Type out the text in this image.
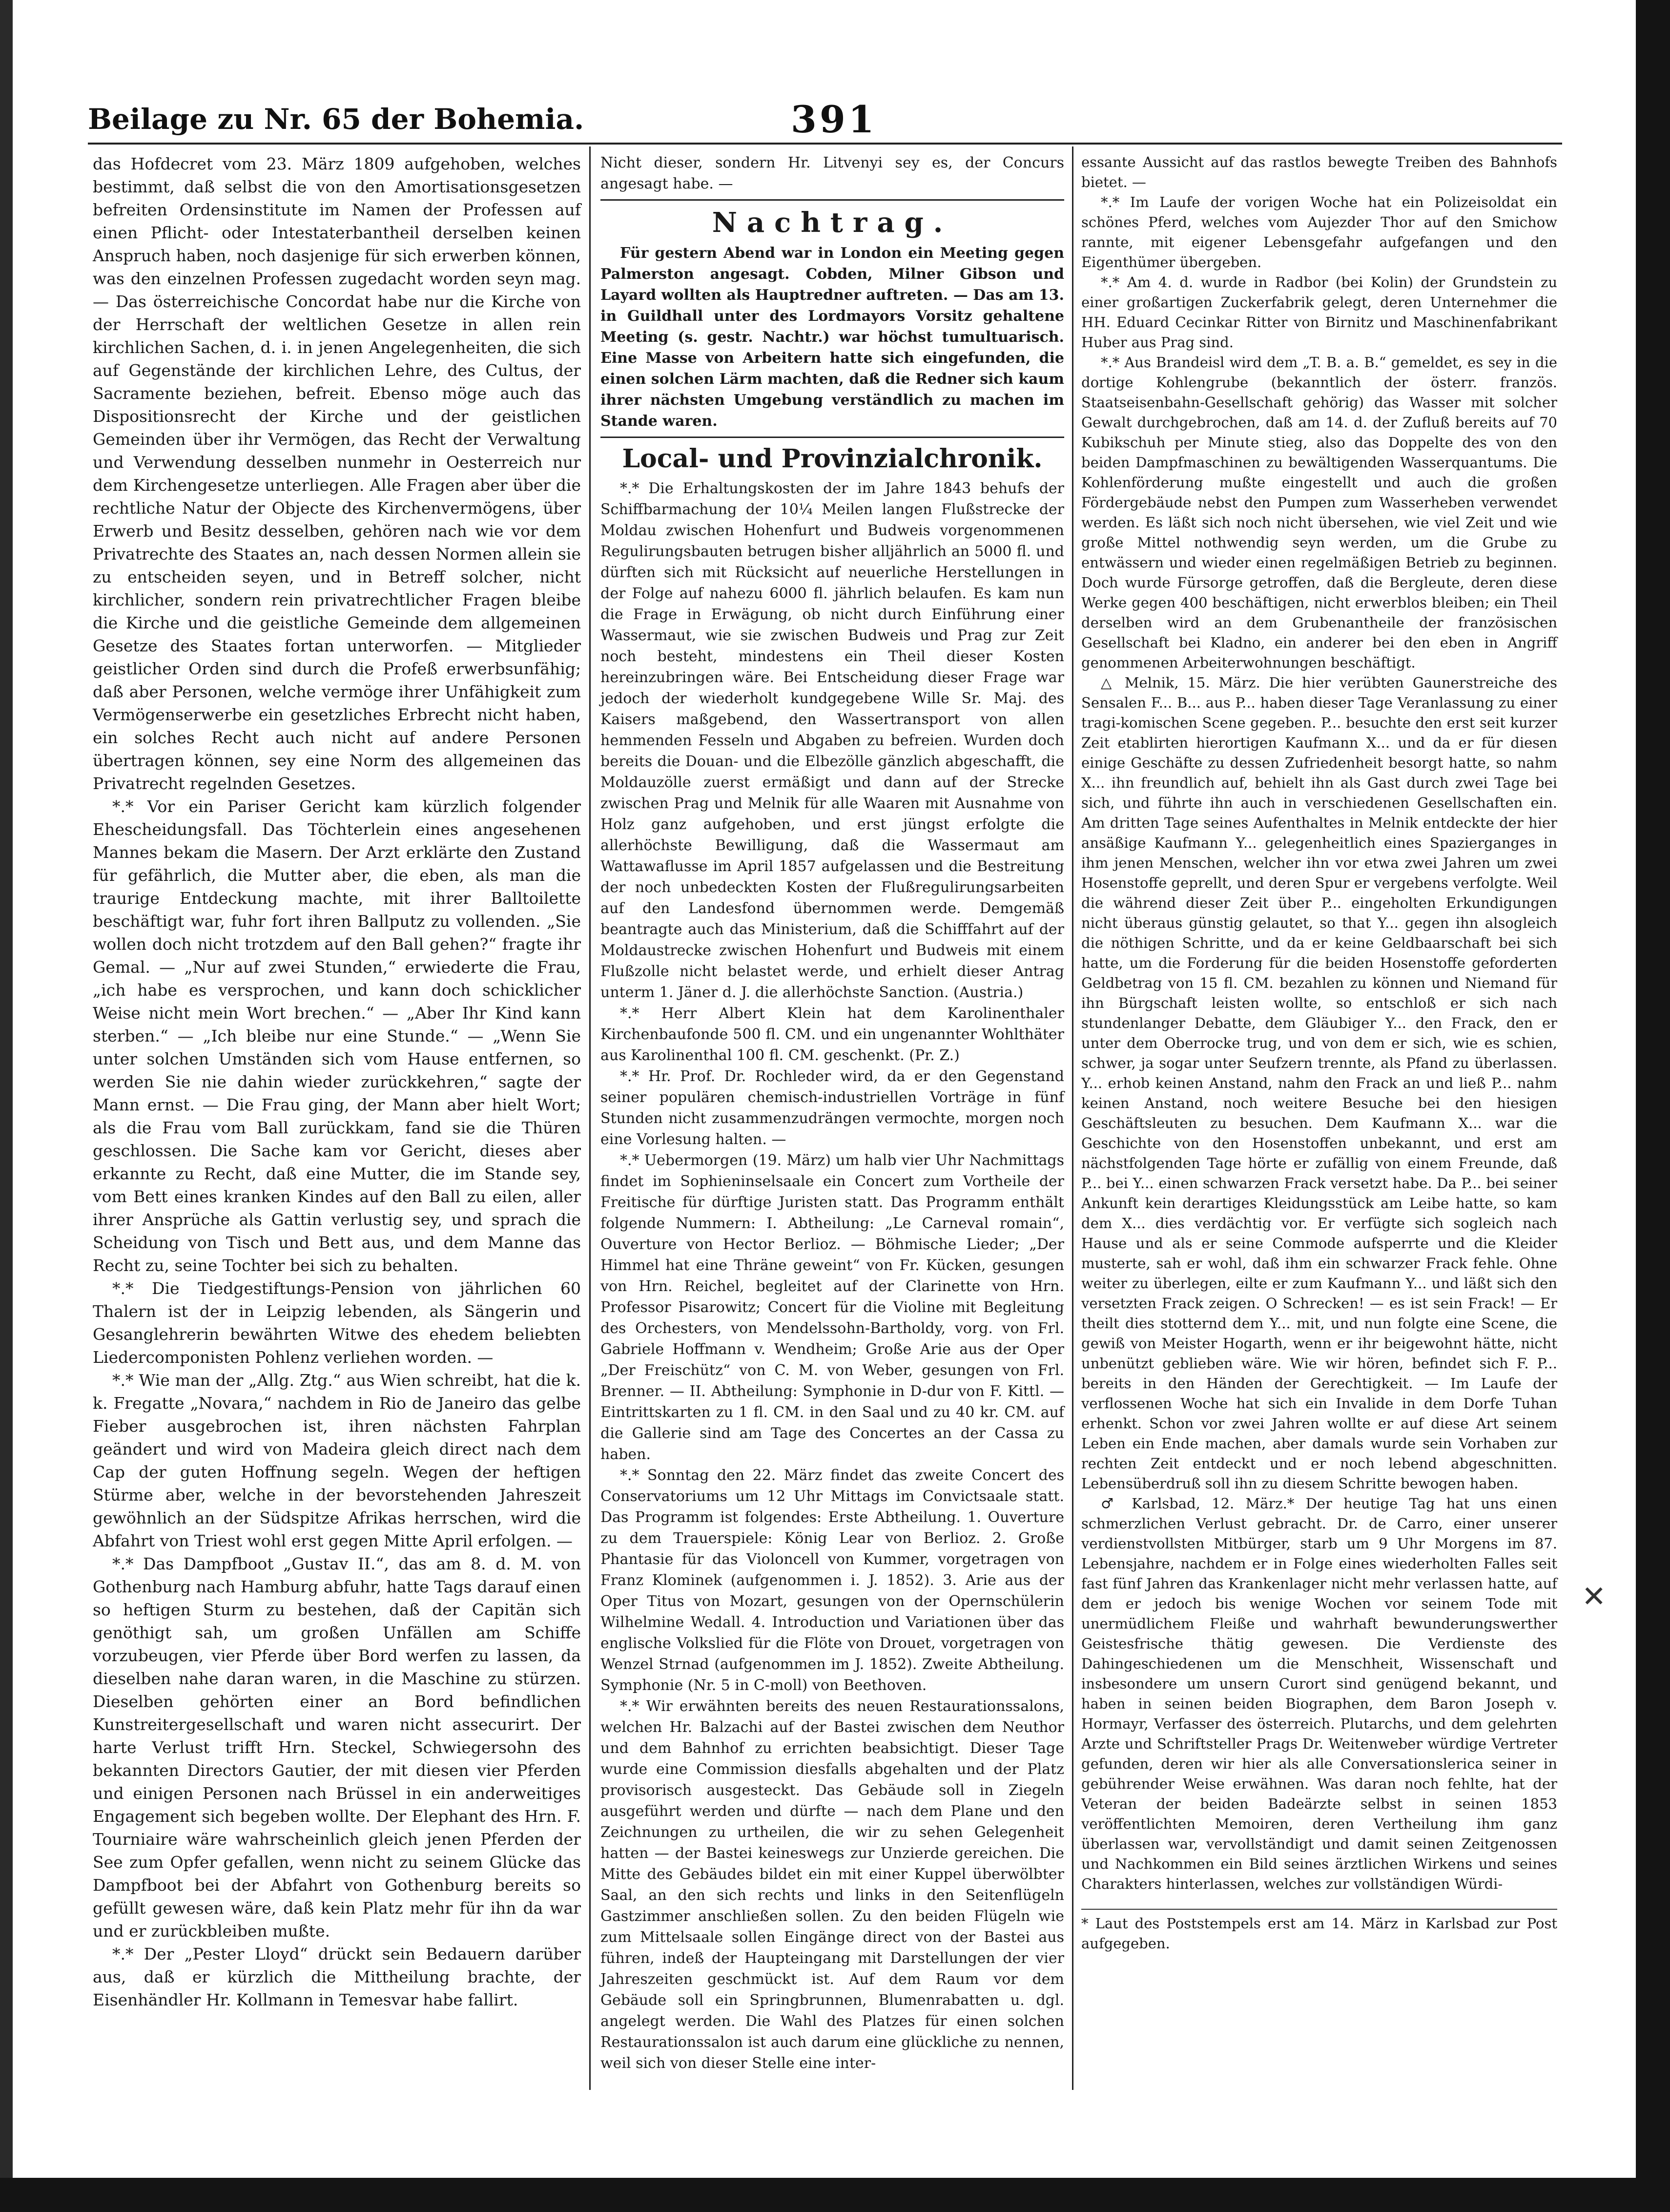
Beilage zu Nr. 65 der Bohemia.	391

das Hofdecret vom 23. März 1809 aufgehoben, welches bestimmt, daß selbst die von den Amortisationsgesetzen befreiten Ordensinstitute im Namen der Professen auf einen Pflicht- oder Intestaterbantheil derselben keinen Anspruch haben, noch dasjenige für sich erwerben können, was den einzelnen Professen zugedacht worden seyn mag. — Das österreichische Concordat habe nur die Kirche von der Herrschaft der weltlichen Gesetze in allen rein kirchlichen Sachen, d. i. in jenen Angelegenheiten, die sich auf Gegenstände der kirchlichen Lehre, des Cultus, der Sacramente beziehen, befreit. Ebenso möge auch das Dispositionsrecht der Kirche und der geistlichen Gemeinden über ihr Vermögen, das Recht der Verwaltung und Verwendung desselben nunmehr in Oesterreich nur dem Kirchengesetze unterliegen. Alle Fragen aber über die rechtliche Natur der Objecte des Kirchenvermögens, über Erwerb und Besitz desselben, gehören nach wie vor dem Privatrechte des Staates an, nach dessen Normen allein sie zu entscheiden seyen, und in Betreff solcher, nicht kirchlicher, sondern rein privatrechtlicher Fragen bleibe die Kirche und die geistliche Gemeinde dem allgemeinen Gesetze des Staates fortan unterworfen. — Mitglieder geistlicher Orden sind durch die Profeß erwerbsunfähig; daß aber Personen, welche vermöge ihrer Unfähigkeit zum Vermögenserwerbe ein gesetzliches Erbrecht nicht haben, ein solches Recht auch nicht auf andere Personen übertragen können, sey eine Norm des allgemeinen das Privatrecht regelnden Gesetzes.

*.* Vor ein Pariser Gericht kam kürzlich folgender Ehescheidungsfall. Das Töchterlein eines angesehenen Mannes bekam die Masern. Der Arzt erklärte den Zustand für gefährlich, die Mutter aber, die eben, als man die traurige Entdeckung machte, mit ihrer Balltoilette beschäftigt war, fuhr fort ihren Ballputz zu vollenden. „Sie wollen doch nicht trotzdem auf den Ball gehen?“ fragte ihr Gemal. — „Nur auf zwei Stunden,“ erwiederte die Frau, „ich habe es versprochen, und kann doch schicklicher Weise nicht mein Wort brechen.“ — „Aber Ihr Kind kann sterben.“ — „Ich bleibe nur eine Stunde.“ — „Wenn Sie unter solchen Umständen sich vom Hause entfernen, so werden Sie nie dahin wieder zurückkehren,“ sagte der Mann ernst. — Die Frau ging, der Mann aber hielt Wort; als die Frau vom Ball zurückkam, fand sie die Thüren geschlossen. Die Sache kam vor Gericht, dieses aber erkannte zu Recht, daß eine Mutter, die im Stande sey, vom Bett eines kranken Kindes auf den Ball zu eilen, aller ihrer Ansprüche als Gattin verlustig sey, und sprach die Scheidung von Tisch und Bett aus, und dem Manne das Recht zu, seine Tochter bei sich zu behalten.

*.* Die Tiedgestiftungs-Pension von jährlichen 60 Thalern ist der in Leipzig lebenden, als Sängerin und Gesanglehrerin bewährten Witwe des ehedem beliebten Liedercomponisten Pohlenz verliehen worden. —

*.* Wie man der „Allg. Ztg.“ aus Wien schreibt, hat die k. k. Fregatte „Novara,“ nachdem in Rio de Janeiro das gelbe Fieber ausgebrochen ist, ihren nächsten Fahrplan geändert und wird von Madeira gleich direct nach dem Cap der guten Hoffnung segeln. Wegen der heftigen Stürme aber, welche in der bevorstehenden Jahreszeit gewöhnlich an der Südspitze Afrikas herrschen, wird die Abfahrt von Triest wohl erst gegen Mitte April erfolgen. —

*.* Das Dampfboot „Gustav II.“, das am 8. d. M. von Gothenburg nach Hamburg abfuhr, hatte Tags darauf einen so heftigen Sturm zu bestehen, daß der Capitän sich genöthigt sah, um großen Unfällen am Schiffe vorzubeugen, vier Pferde über Bord werfen zu lassen, da dieselben nahe daran waren, in die Maschine zu stürzen. Dieselben gehörten einer an Bord befindlichen Kunstreitergesellschaft und waren nicht assecurirt. Der harte Verlust trifft Hrn. Steckel, Schwiegersohn des bekannten Directors Gautier, der mit diesen vier Pferden und einigen Personen nach Brüssel in ein anderweitiges Engagement sich begeben wollte. Der Elephant des Hrn. F. Tourniaire wäre wahrscheinlich gleich jenen Pferden der See zum Opfer gefallen, wenn nicht zu seinem Glücke das Dampfboot bei der Abfahrt von Gothenburg bereits so gefüllt gewesen wäre, daß kein Platz mehr für ihn da war und er zurückbleiben mußte.

*.* Der „Pester Lloyd“ drückt sein Bedauern darüber aus, daß er kürzlich die Mittheilung brachte, der Eisenhändler Hr. Kollmann in Temesvar habe fallirt.

Nicht dieser, sondern Hr. Litvenyi sey es, der Concurs angesagt habe. —

Nachtrag.

Für gestern Abend war in London ein Meeting gegen Palmerston angesagt. Cobden, Milner Gibson und Layard wollten als Hauptredner auftreten. — Das am 13. in Guildhall unter des Lordmayors Vorsitz gehaltene Meeting (s. gestr. Nachtr.) war höchst tumultuarisch. Eine Masse von Arbeitern hatte sich eingefunden, die einen solchen Lärm machten, daß die Redner sich kaum ihrer nächsten Umgebung verständlich zu machen im Stande waren.

Local- und Provinzialchronik.

*.* Die Erhaltungskosten der im Jahre 1843 behufs der Schiffbarmachung der 10¼ Meilen langen Flußstrecke der Moldau zwischen Hohenfurt und Budweis vorgenommenen Regulirungsbauten betrugen bisher alljährlich an 5000 fl. und dürften sich mit Rücksicht auf neuerliche Herstellungen in der Folge auf nahezu 6000 fl. jährlich belaufen. Es kam nun die Frage in Erwägung, ob nicht durch Einführung einer Wassermaut, wie sie zwischen Budweis und Prag zur Zeit noch besteht, mindestens ein Theil dieser Kosten hereinzubringen wäre. Bei Entscheidung dieser Frage war jedoch der wiederholt kundgegebene Wille Sr. Maj. des Kaisers maßgebend, den Wassertransport von allen hemmenden Fesseln und Abgaben zu befreien. Wurden doch bereits die Douan- und die Elbezölle gänzlich abgeschafft, die Moldauzölle zuerst ermäßigt und dann auf der Strecke zwischen Prag und Melnik für alle Waaren mit Ausnahme von Holz ganz aufgehoben, und erst jüngst erfolgte die allerhöchste Bewilligung, daß die Wassermaut am Wattawaflusse im April 1857 aufgelassen und die Bestreitung der noch unbedeckten Kosten der Flußregulirungsarbeiten auf den Landesfond übernommen werde. Demgemäß beantragte auch das Ministerium, daß die Schifffahrt auf der Moldaustrecke zwischen Hohenfurt und Budweis mit einem Flußzolle nicht belastet werde, und erhielt dieser Antrag unterm 1. Jäner d. J. die allerhöchste Sanction. (Austria.)

*.* Herr Albert Klein hat dem Karolinenthaler Kirchenbaufonde 500 fl. CM. und ein ungenannter Wohlthäter aus Karolinenthal 100 fl. CM. geschenkt. (Pr. Z.)

*.* Hr. Prof. Dr. Rochleder wird, da er den Gegenstand seiner populären chemisch-industriellen Vorträge in fünf Stunden nicht zusammenzudrängen vermochte, morgen noch eine Vorlesung halten. —

*.* Uebermorgen (19. März) um halb vier Uhr Nachmittags findet im Sophieninselsaale ein Concert zum Vortheile der Freitische für dürftige Juristen statt. Das Programm enthält folgende Nummern: I. Abtheilung: „Le Carneval romain“, Ouverture von Hector Berlioz. — Böhmische Lieder; „Der Himmel hat eine Thräne geweint“ von Fr. Kücken, gesungen von Hrn. Reichel, begleitet auf der Clarinette von Hrn. Professor Pisarowitz; Concert für die Violine mit Begleitung des Orchesters, von Mendelssohn-Bartholdy, vorg. von Frl. Gabriele Hoffmann v. Wendheim; Große Arie aus der Oper „Der Freischütz“ von C. M. von Weber, gesungen von Frl. Brenner. — II. Abtheilung: Symphonie in D-dur von F. Kittl. — Eintrittskarten zu 1 fl. CM. in den Saal und zu 40 kr. CM. auf die Gallerie sind am Tage des Concertes an der Cassa zu haben.

*.* Sonntag den 22. März findet das zweite Concert des Conservatoriums um 12 Uhr Mittags im Convictsaale statt. Das Programm ist folgendes: Erste Abtheilung. 1. Ouverture zu dem Trauerspiele: König Lear von Berlioz. 2. Große Phantasie für das Violoncell von Kummer, vorgetragen von Franz Klominek (aufgenommen i. J. 1852). 3. Arie aus der Oper Titus von Mozart, gesungen von der Opernschülerin Wilhelmine Wedall. 4. Introduction und Variationen über das englische Volkslied für die Flöte von Drouet, vorgetragen von Wenzel Strnad (aufgenommen im J. 1852). Zweite Abtheilung. Symphonie (Nr. 5 in C-moll) von Beethoven.

*.* Wir erwähnten bereits des neuen Restaurationssalons, welchen Hr. Balzachi auf der Bastei zwischen dem Neuthor und dem Bahnhof zu errichten beabsichtigt. Dieser Tage wurde eine Commission diesfalls abgehalten und der Platz provisorisch ausgesteckt. Das Gebäude soll in Ziegeln ausgeführt werden und dürfte — nach dem Plane und den Zeichnungen zu urtheilen, die wir zu sehen Gelegenheit hatten — der Bastei keineswegs zur Unzierde gereichen. Die Mitte des Gebäudes bildet ein mit einer Kuppel überwölbter Saal, an den sich rechts und links in den Seitenflügeln Gastzimmer anschließen sollen. Zu den beiden Flügeln wie zum Mittelsaale sollen Eingänge direct von der Bastei aus führen, indeß der Haupteingang mit Darstellungen der vier Jahreszeiten geschmückt ist. Auf dem Raum vor dem Gebäude soll ein Springbrunnen, Blumenrabatten u. dgl. angelegt werden. Die Wahl des Platzes für einen solchen Restaurationssalon ist auch darum eine glückliche zu nennen, weil sich von dieser Stelle eine inter-

essante Aussicht auf das rastlos bewegte Treiben des Bahnhofs bietet. —

*.* Im Laufe der vorigen Woche hat ein Polizeisoldat ein schönes Pferd, welches vom Aujezder Thor auf den Smichow rannte, mit eigener Lebensgefahr aufgefangen und den Eigenthümer übergeben.

*.* Am 4. d. wurde in Radbor (bei Kolin) der Grundstein zu einer großartigen Zuckerfabrik gelegt, deren Unternehmer die HH. Eduard Cecinkar Ritter von Birnitz und Maschinenfabrikant Huber aus Prag sind.

*.* Aus Brandeisl wird dem „T. B. a. B.“ gemeldet, es sey in die dortige Kohlengrube (bekanntlich der österr. französ. Staatseisenbahn-Gesellschaft gehörig) das Wasser mit solcher Gewalt durchgebrochen, daß am 14. d. der Zufluß bereits auf 70 Kubikschuh per Minute stieg, also das Doppelte des von den beiden Dampfmaschinen zu bewältigenden Wasserquantums. Die Kohlenförderung mußte eingestellt und auch die großen Fördergebäude nebst den Pumpen zum Wasserheben verwendet werden. Es läßt sich noch nicht übersehen, wie viel Zeit und wie große Mittel nothwendig seyn werden, um die Grube zu entwässern und wieder einen regelmäßigen Betrieb zu beginnen. Doch wurde Fürsorge getroffen, daß die Bergleute, deren diese Werke gegen 400 beschäftigen, nicht erwerblos bleiben; ein Theil derselben wird an dem Grubenantheile der französischen Gesellschaft bei Kladno, ein anderer bei den eben in Angriff genommenen Arbeiterwohnungen beschäftigt.

△ Melnik, 15. März. Die hier verübten Gaunerstreiche des Sensalen F... B... aus P... haben dieser Tage Veranlassung zu einer tragi-komischen Scene gegeben. P... besuchte den erst seit kurzer Zeit etablirten hierortigen Kaufmann X... und da er für diesen einige Geschäfte zu dessen Zufriedenheit besorgt hatte, so nahm X... ihn freundlich auf, behielt ihn als Gast durch zwei Tage bei sich, und führte ihn auch in verschiedenen Gesellschaften ein. Am dritten Tage seines Aufenthaltes in Melnik entdeckte der hier ansäßige Kaufmann Y... gelegenheitlich eines Spazierganges in ihm jenen Menschen, welcher ihn vor etwa zwei Jahren um zwei Hosenstoffe geprellt, und deren Spur er vergebens verfolgte. Weil die während dieser Zeit über P... eingeholten Erkundigungen nicht überaus günstig gelautet, so that Y... gegen ihn alsogleich die nöthigen Schritte, und da er keine Geldbaarschaft bei sich hatte, um die Forderung für die beiden Hosenstoffe geforderten Geldbetrag von 15 fl. CM. bezahlen zu können und Niemand für ihn Bürgschaft leisten wollte, so entschloß er sich nach stundenlanger Debatte, dem Gläubiger Y... den Frack, den er unter dem Oberrocke trug, und von dem er sich, wie es schien, schwer, ja sogar unter Seufzern trennte, als Pfand zu überlassen. Y... erhob keinen Anstand, nahm den Frack an und ließ P... nahm keinen Anstand, noch weitere Besuche bei den hiesigen Geschäftsleuten zu besuchen. Dem Kaufmann X... war die Geschichte von den Hosenstoffen unbekannt, und erst am nächstfolgenden Tage hörte er zufällig von einem Freunde, daß P... bei Y... einen schwarzen Frack versetzt habe. Da P... bei seiner Ankunft kein derartiges Kleidungsstück am Leibe hatte, so kam dem X... dies verdächtig vor. Er verfügte sich sogleich nach Hause und als er seine Commode aufsperrte und die Kleider musterte, sah er wohl, daß ihm ein schwarzer Frack fehle. Ohne weiter zu überlegen, eilte er zum Kaufmann Y... und läßt sich den versetzten Frack zeigen. O Schrecken! — es ist sein Frack! — Er theilt dies stotternd dem Y... mit, und nun folgte eine Scene, die gewiß von Meister Hogarth, wenn er ihr beigewohnt hätte, nicht unbenützt geblieben wäre. Wie wir hören, befindet sich F. P... bereits in den Händen der Gerechtigkeit. — Im Laufe der verflossenen Woche hat sich ein Invalide in dem Dorfe Tuhan erhenkt. Schon vor zwei Jahren wollte er auf diese Art seinem Leben ein Ende machen, aber damals wurde sein Vorhaben zur rechten Zeit entdeckt und er noch lebend abgeschnitten. Lebensüberdruß soll ihn zu diesem Schritte bewogen haben.

♂ Karlsbad, 12. März.* Der heutige Tag hat uns einen schmerzlichen Verlust gebracht. Dr. de Carro, einer unserer verdienstvollsten Mitbürger, starb um 9 Uhr Morgens im 87. Lebensjahre, nachdem er in Folge eines wiederholten Falles seit fast fünf Jahren das Krankenlager nicht mehr verlassen hatte, auf dem er jedoch bis wenige Wochen vor seinem Tode mit unermüdlichem Fleiße und wahrhaft bewunderungswerther Geistesfrische thätig gewesen. Die Verdienste des Dahingeschiedenen um die Menschheit, Wissenschaft und insbesondere um unsern Curort sind genügend bekannt, und haben in seinen beiden Biographen, dem Baron Joseph v. Hormayr, Verfasser des österreich. Plutarchs, und dem gelehrten Arzte und Schriftsteller Prags Dr. Weitenweber würdige Vertreter gefunden, deren wir hier als alle Conversationslerica seiner in gebührender Weise erwähnen. Was daran noch fehlte, hat der Veteran der beiden Badeärzte selbst in seinen 1853 veröffentlichten Memoiren, deren Vertheilung ihm ganz überlassen war, vervollständigt und damit seinen Zeitgenossen und Nachkommen ein Bild seines ärztlichen Wirkens und seines Charakters hinterlassen, welches zur vollständigen Würdi-

* Laut des Poststempels erst am 14. März in Karlsbad zur Post aufgegeben.
✕
